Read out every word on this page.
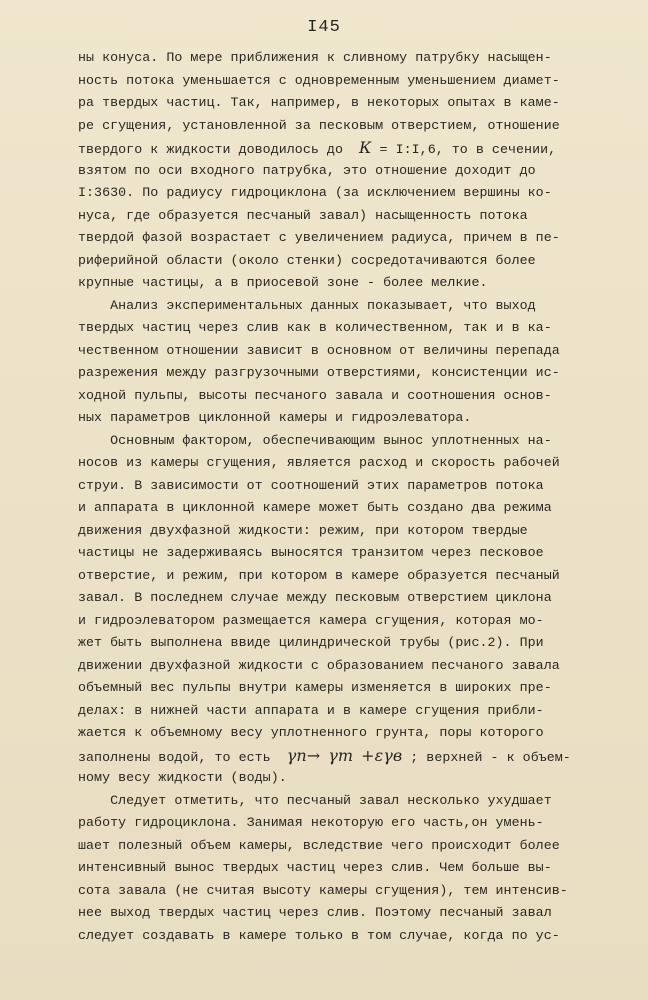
I45
ны конуса. По мере приближения к сливному патрубку насыщен-
ность потока уменьшается с одновременным уменьшением диамет-
ра твердых частиц. Так, например, в некоторых опытах в каме-
ре сгущения, установленной за песковым отверстием, отношение
твердого к жидкости доводилось до К = I:I,6, то в сечении,
взятом по оси входного патрубка, это отношение доходит до
I:3630. По радиусу гидроциклона (за исключением вершины ко-
нуса, где образуется песчаный завал) насыщенность потока
твердой фазой возрастает с увеличением радиуса, причем в пе-
риферийной области (около стенки) сосредотачиваются более
крупные частицы, а в приосевой зоне - более мелкие.
Анализ экспериментальных данных показывает, что выход
твердых частиц через слив как в количественном, так и в ка-
чественном отношении зависит в основном от величины перепада
разрежения между разгрузочными отверстиями, консистенции ис-
ходной пульпы, высоты песчаного завала и соотношения основ-
ных параметров циклонной камеры и гидроэлеватора.
Основным фактором, обеспечивающим вынос уплотненных на-
носов из камеры сгущения, является расход и скорость рабочей
струи. В зависимости от соотношений этих параметров потока
и аппарата в циклонной камере может быть создано два режима
движения двухфазной жидкости: режим, при котором твердые
частицы не задерживаясь выносятся транзитом через песковое
отверстие, и режим, при котором в камере образуется песчаный
завал. В последнем случае между песковым отверстием циклона
и гидроэлеватором размещается камера сгущения, которая мо-
жет быть выполнена ввиде цилиндрической трубы (рис.2). При
движении двухфазной жидкости с образованием песчаного завала
объемный вес пульпы внутри камеры изменяется в широких пре-
делах: в нижней части аппарата и в камере сгущения прибли-
жается к объемному весу уплотненного грунта, поры которого
заполнены водой, то есть γп→ γт +εγв ; верхней - к объем-
ному весу жидкости (воды).
Следует отметить, что песчаный завал несколько ухудшает
работу гидроциклона. Занимая некоторую его часть,он умень-
шает полезный объем камеры, вследствие чего происходит более
интенсивный вынос твердых частиц через слив. Чем больше вы-
сота завала (не считая высоту камеры сгущения), тем интенсив-
нее выход твердых частиц через слив. Поэтому песчаный завал
следует создавать в камере только в том случае, когда по ус-
